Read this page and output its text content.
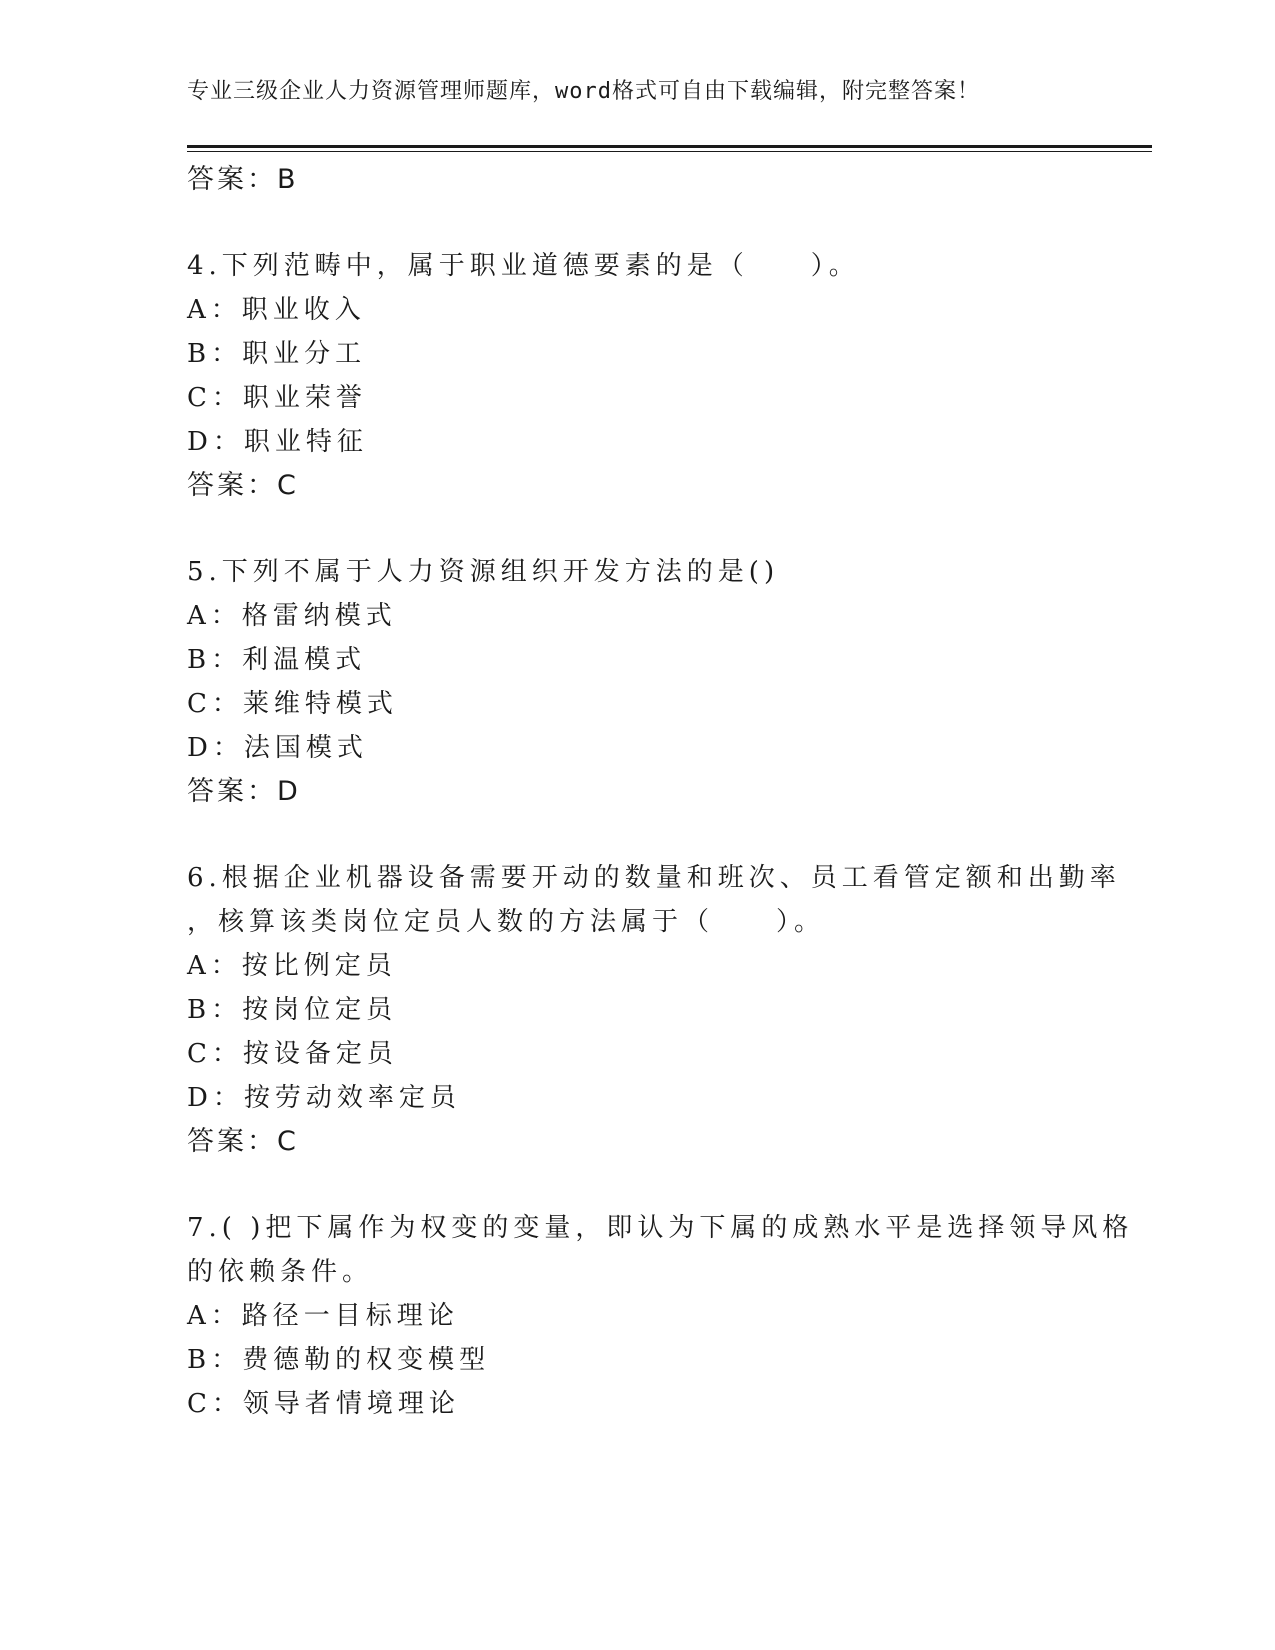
专业三级企业人力资源管理师题库，word格式可自由下载编辑，附完整答案！
答案：B
4.下列范畴中，属于职业道德要素的是（　　）。
A：职业收入
B：职业分工
C：职业荣誉
D：职业特征
答案：C
5.下列不属于人力资源组织开发方法的是()
A：格雷纳模式
B：利温模式
C：莱维特模式
D：法国模式
答案：D
6.根据企业机器设备需要开动的数量和班次、员工看管定额和出勤率
，核算该类岗位定员人数的方法属于（　　）。
A：按比例定员
B：按岗位定员
C：按设备定员
D：按劳动效率定员
答案：C
7.( )把下属作为权变的变量，即认为下属的成熟水平是选择领导风格
的依赖条件。
A：路径一目标理论
B：费德勒的权变模型
C：领导者情境理论
